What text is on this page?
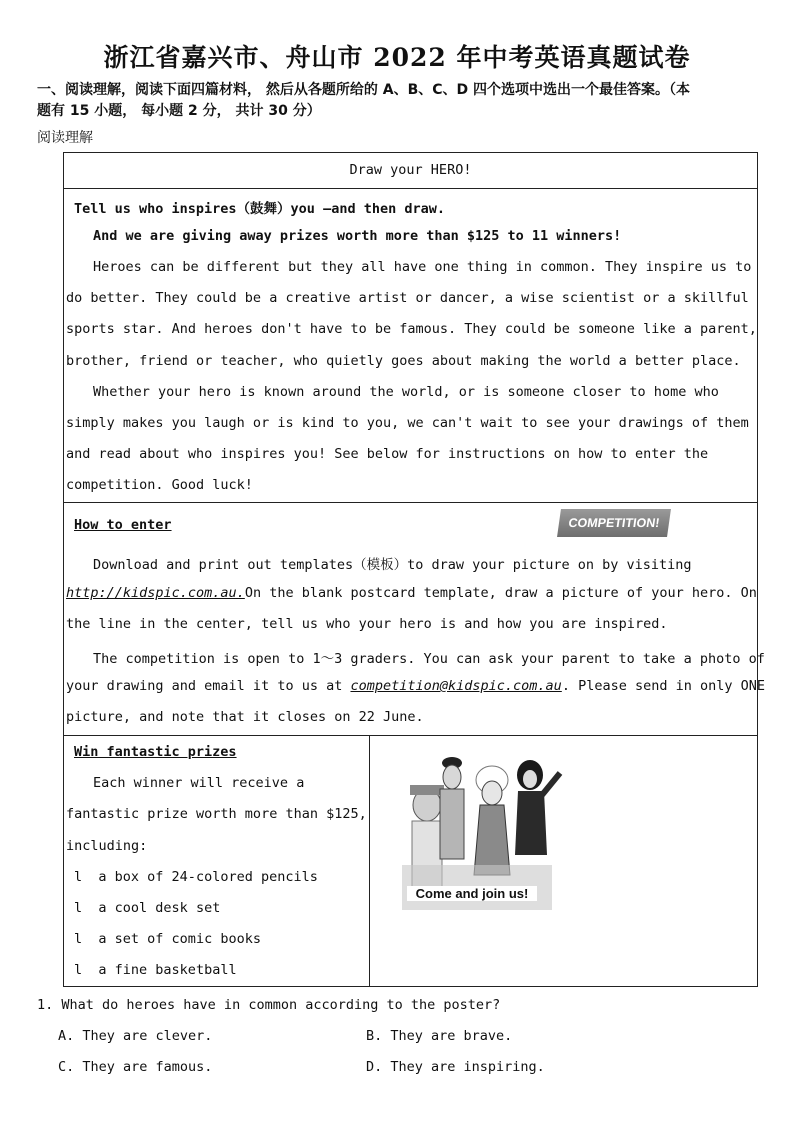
浙江省嘉兴市、舟山市 2022 年中考英语真题试卷
一、阅读理解，阅读下面四篇材料， 然后从各题所给的 A、B、C、D 四个选项中选出一个最佳答案。（本
题有 15 小题， 每小题 2 分， 共计 30 分）
阅读理解
Draw your HERO!
Tell us who inspires（鼓舞）you —and then draw.
And we are giving away prizes worth more than $125 to 11 winners!
Heroes can be different but they all have one thing in common. They inspire us to
do better. They could be a creative artist or dancer, a wise scientist or a skillful
sports star. And heroes don't have to be famous. They could be someone like a parent,
brother, friend or teacher, who quietly goes about making the world a better place.
Whether your hero is known around the world, or is someone closer to home who
simply makes you laugh or is kind to you, we can't wait to see your drawings of them
and read about who inspires you! See below for instructions on how to enter the
competition. Good luck!
How to enter	COMPETITION!
Download and print out templates（模板）to draw your picture on by visiting
http://kidspic.com.au.On the blank postcard template, draw a picture of your hero. On
the line in the center, tell us who your hero is and how you are inspired.
The competition is open to 1～3 graders. You can ask your parent to take a photo of
your drawing and email it to us at competition@kidspic.com.au. Please send in only ONE
picture, and note that it closes on 22 June.
Win fantastic prizes
Each winner will receive a
fantastic prize worth more than $125,
including:
l a box of 24-colored pencils
l a cool desk set
l a set of comic books
l a fine basketball
Come and join us!
1. What do heroes have in common according to the poster?
A. They are clever.	B. They are brave.
C. They are famous.	D. They are inspiring.
